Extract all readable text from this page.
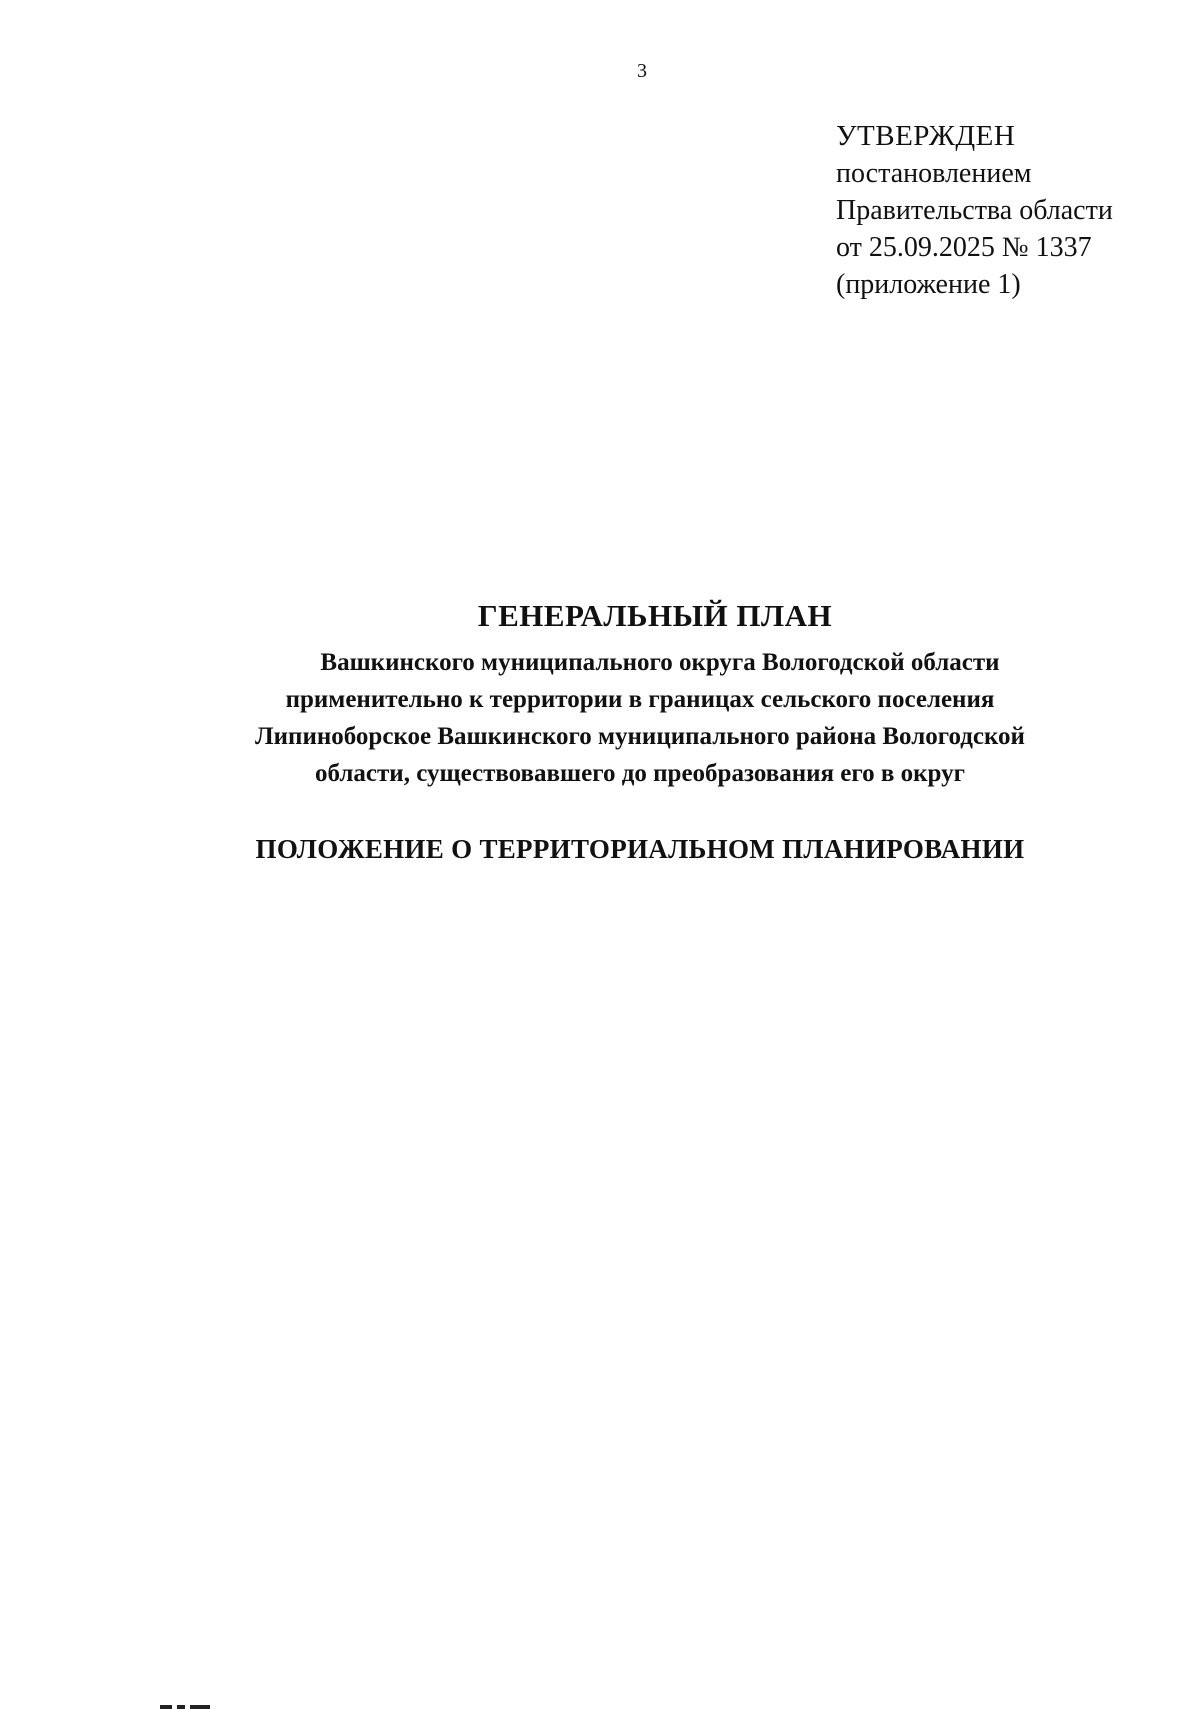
3
УТВЕРЖДЕН
постановлением
Правительства области
от 25.09.2025 № 1337
(приложение 1)
ГЕНЕРАЛЬНЫЙ ПЛАН
Вашкинского муниципального округа Вологодской области
применительно к территории в границах сельского поселения
Липиноборское Вашкинского муниципального района Вологодской
области, существовавшего до преобразования его в округ
ПОЛОЖЕНИЕ О ТЕРРИТОРИАЛЬНОМ ПЛАНИРОВАНИИ
